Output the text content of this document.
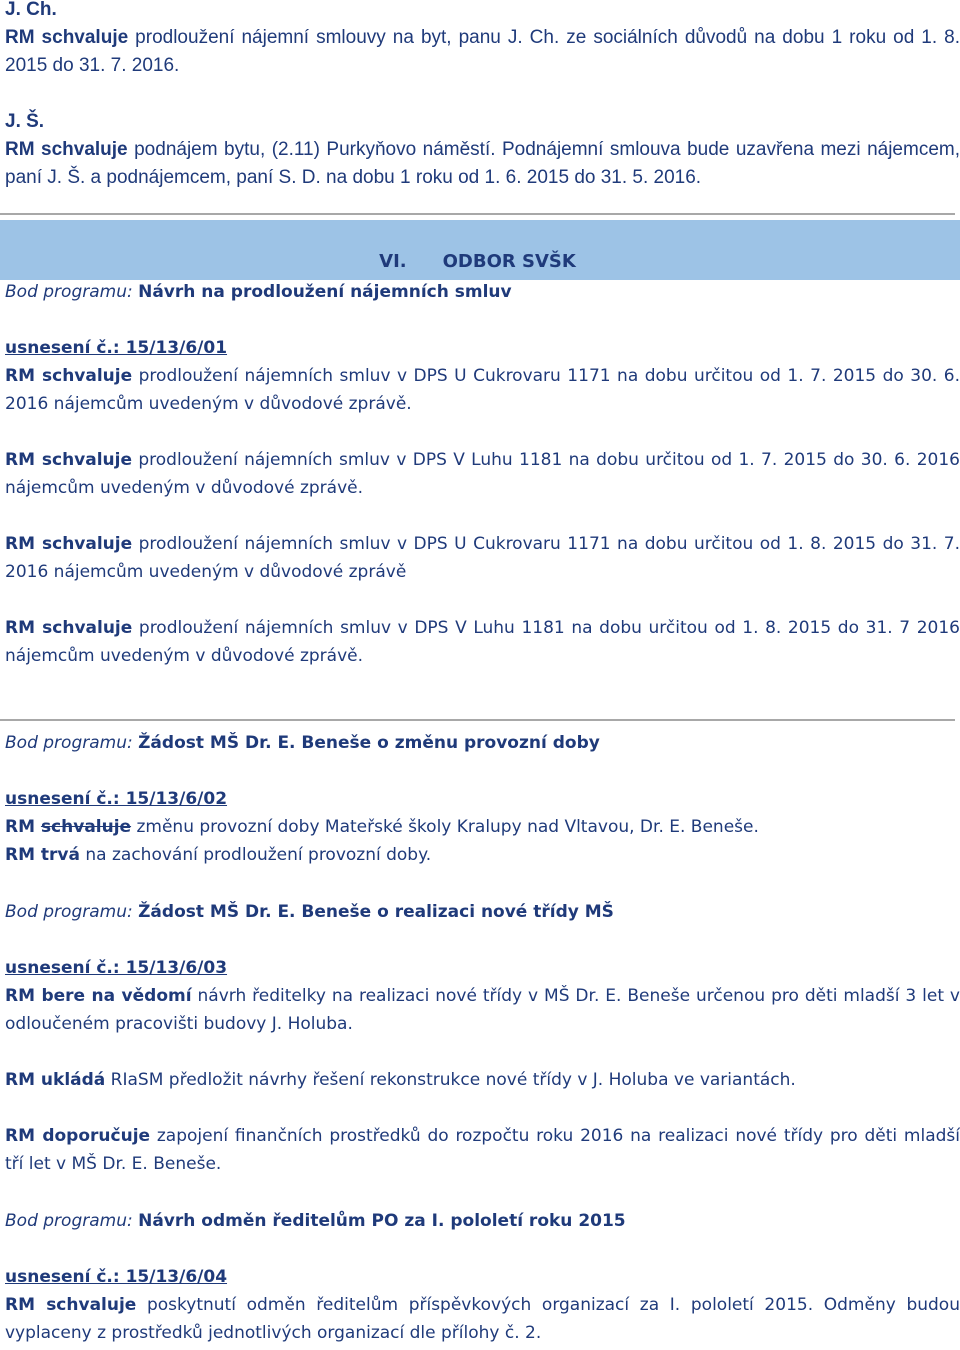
J. Ch.

RM schvaluje prodloužení nájemní smlouvy na byt, panu J. Ch. ze sociálních důvodů na dobu 1 roku od 1. 8. 2015 do 31. 7. 2016.

J. Š.

RM schvaluje podnájem bytu, (2.11) Purkyňovo náměstí. Podnájemní smlouva bude uzavřena mezi nájemcem, paní J. Š. a podnájemcem, paní S. D. na dobu 1 roku od 1. 6. 2015 do 31. 5. 2016.

VI. ODBOR SVŠK

Bod programu: Návrh na prodloužení nájemních smluv

usnesení č.: 15/13/6/01

RM schvaluje prodloužení nájemních smluv v DPS U Cukrovaru 1171 na dobu určitou od 1. 7. 2015 do 30. 6. 2016 nájemcům uvedeným v důvodové zprávě.

RM schvaluje prodloužení nájemních smluv v DPS V Luhu 1181 na dobu určitou od 1. 7. 2015 do 30. 6. 2016 nájemcům uvedeným v důvodové zprávě.

RM schvaluje prodloužení nájemních smluv v DPS U Cukrovaru 1171 na dobu určitou od 1. 8. 2015 do 31. 7. 2016 nájemcům uvedeným v důvodové zprávě

RM schvaluje prodloužení nájemních smluv v DPS V Luhu 1181 na dobu určitou od 1. 8. 2015 do 31. 7 2016 nájemcům uvedeným v důvodové zprávě.

Bod programu: Žádost MŠ Dr. E. Beneše o změnu provozní doby

usnesení č.: 15/13/6/02

RM schvaluje změnu provozní doby Mateřské školy Kralupy nad Vltavou, Dr. E. Beneše.

RM trvá na zachování prodloužení provozní doby.

Bod programu: Žádost MŠ Dr. E. Beneše o realizaci nové třídy MŠ

usnesení č.: 15/13/6/03

RM bere na vědomí návrh ředitelky na realizaci nové třídy v MŠ Dr. E. Beneše určenou pro děti mladší 3 let v odloučeném pracovišti budovy J. Holuba.

RM ukládá RIaSM předložit návrhy řešení rekonstrukce nové třídy v J. Holuba ve variantách.

RM doporučuje zapojení finančních prostředků do rozpočtu roku 2016 na realizaci nové třídy pro děti mladší tří let v MŠ Dr. E. Beneše.

Bod programu: Návrh odměn ředitelům PO za I. pololetí roku 2015

usnesení č.: 15/13/6/04

RM schvaluje poskytnutí odměn ředitelům příspěvkových organizací za I. pololetí 2015. Odměny budou vyplaceny z prostředků jednotlivých organizací dle přílohy č. 2.
